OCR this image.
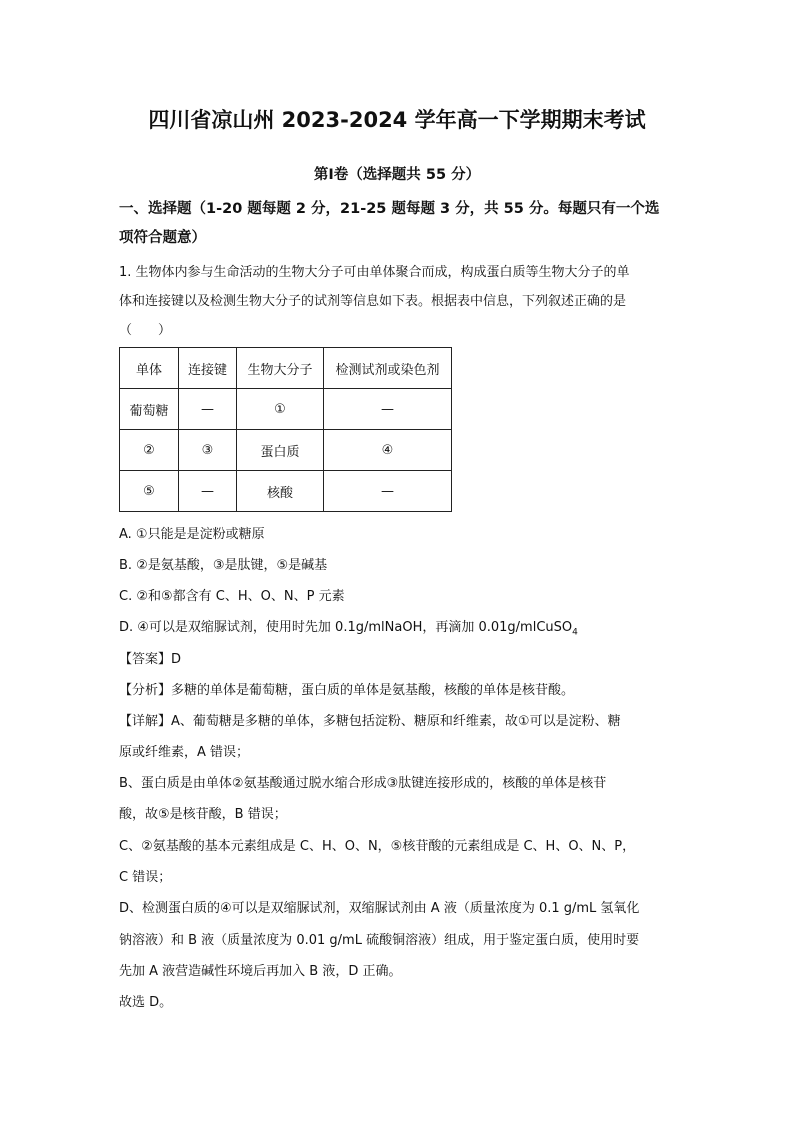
四川省凉山州 2023-2024 学年高一下学期期末考试
第Ⅰ卷（选择题共 55 分）
一、选择题（1-20 题每题 2 分，21-25 题每题 3 分，共 55 分。每题只有一个选
项符合题意）
1. 生物体内参与生命活动的生物大分子可由单体聚合而成，构成蛋白质等生物大分子的单
体和连接键以及检测生物大分子的试剂等信息如下表。根据表中信息，下列叙述正确的是
（　　）
单体	连接键	生物大分子	检测试剂或染色剂
葡萄糖	—	①	—
②	③	蛋白质	④
⑤	—	核酸	—
A. ①只能是是淀粉或糖原
B. ②是氨基酸，③是肽键，⑤是碱基
C. ②和⑤都含有 C、H、O、N、P 元素
D. ④可以是双缩脲试剂，使用时先加 0.1g/mlNaOH，再滴加 0.01g/mlCuSO$_4$
【答案】D
【分析】多糖的单体是葡萄糖，蛋白质的单体是氨基酸，核酸的单体是核苷酸。
【详解】A、葡萄糖是多糖的单体，多糖包括淀粉、糖原和纤维素，故①可以是淀粉、糖
原或纤维素，A 错误；
B、蛋白质是由单体②氨基酸通过脱水缩合形成③肽键连接形成的，核酸的单体是核苷
酸，故⑤是核苷酸，B 错误；
C、②氨基酸的基本元素组成是 C、H、O、N，⑤核苷酸的元素组成是 C、H、O、N、P，
C 错误；
D、检测蛋白质的④可以是双缩脲试剂，双缩脲试剂由 A 液（质量浓度为 0.1 g/mL 氢氧化
钠溶液）和 B 液（质量浓度为 0.01 g/mL 硫酸铜溶液）组成，用于鉴定蛋白质，使用时要
先加 A 液营造碱性环境后再加入 B 液，D 正确。
故选 D。
